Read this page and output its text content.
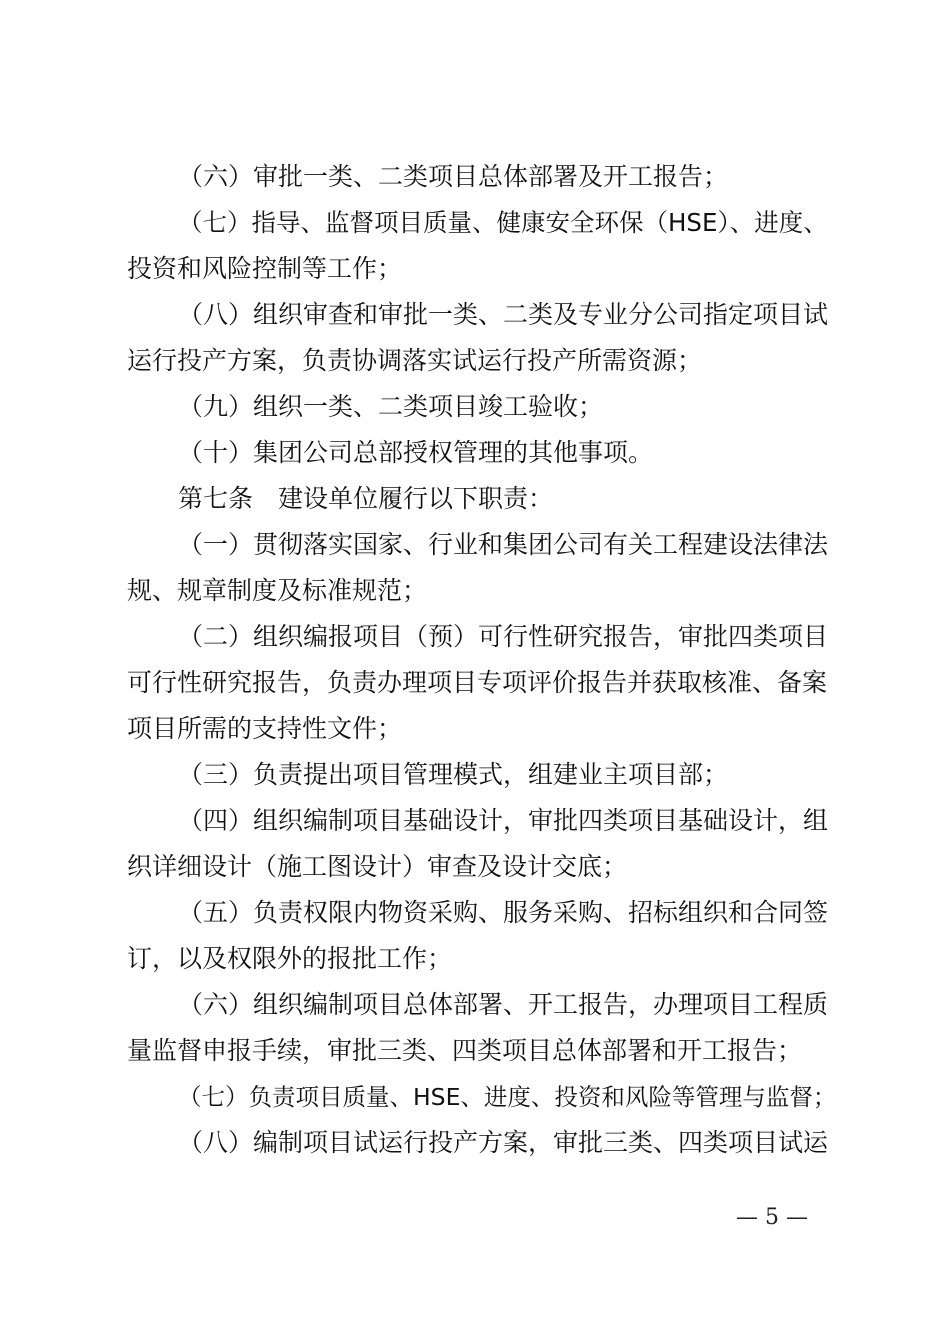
（六）审批一类、二类项目总体部署及开工报告；
（七）指导、监督项目质量、健康安全环保（HSE）、进度、
投资和风险控制等工作；
（八）组织审查和审批一类、二类及专业分公司指定项目试
运行投产方案，负责协调落实试运行投产所需资源；
（九）组织一类、二类项目竣工验收；
（十）集团公司总部授权管理的其他事项。
第七条　建设单位履行以下职责：
（一）贯彻落实国家、行业和集团公司有关工程建设法律法
规、规章制度及标准规范；
（二）组织编报项目（预）可行性研究报告，审批四类项目
可行性研究报告，负责办理项目专项评价报告并获取核准、备案
项目所需的支持性文件；
（三）负责提出项目管理模式，组建业主项目部；
（四）组织编制项目基础设计，审批四类项目基础设计，组
织详细设计（施工图设计）审查及设计交底；
（五）负责权限内物资采购、服务采购、招标组织和合同签
订，以及权限外的报批工作；
（六）组织编制项目总体部署、开工报告，办理项目工程质
量监督申报手续，审批三类、四类项目总体部署和开工报告；
（七）负责项目质量、HSE、进度、投资和风险等管理与监督；
（八）编制项目试运行投产方案，审批三类、四类项目试运
— 5 —
